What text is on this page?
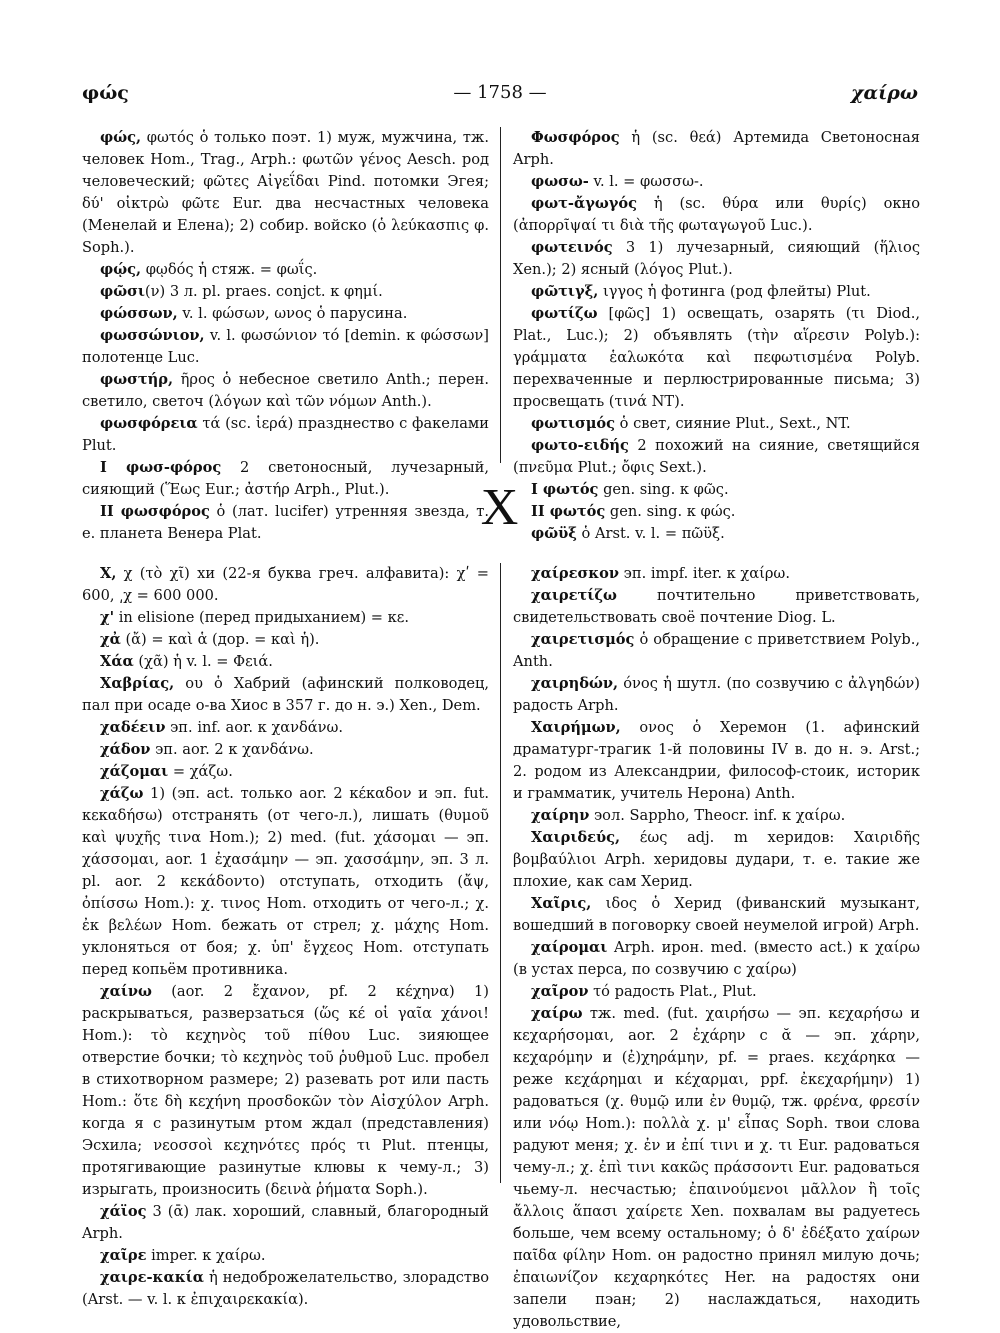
φώς	— 1758 —	χαίρω

φώς, φωτός ὁ только поэт. 1) муж, мужчина, тж. человек Hom., Trag., Arph.: φωτῶν γένος Aesch. род человеческий; φῶτες Αἰγεΐδαι Pind. потомки Эгея; δύ' οἰκτρὼ φῶτε Eur. два несчастных человека (Менелай и Елена); 2) собир. войско (ὁ λεύκασπις φ. Soph.).

φῴς, φῳδός ἡ стяж. = φωΐς.

φῶσι(ν) 3 л. pl. praes. conjct. к φημί.

φώσσων, v. l. φώσων, ωνος ὁ парусина.

φωσσώνιον, v. l. φωσώνιον τό [demin. к φώσσων] полотенце Luc.

φωστήρ, ῆρος ὁ небесное светило Anth.; перен. светило, светоч (λόγων καὶ τῶν νόμων Anth.).

φωσφόρεια τά (sc. ἱερά) празднество с факелами Plut.

I φωσ-φόρος 2 светоносный, лучезарный, сияющий (Ἕως Eur.; ἀστήρ Arph., Plut.).

II φωσφόρος ὁ (лат. lucifer) утренняя звезда, т. е. планета Венера Plat.

Φωσφόρος ἡ (sc. θεά) Артемида Светоносная Arph.

φωσω- v. l. = φωσσω-.

φωτ-ἄγωγός ἡ (sc. θύρα или θυρίς) окно (ἀπορρῖψαί τι διὰ τῆς φωταγωγοῦ Luc.).

φωτεινός 3 1) лучезарный, сияющий (ἥλιος Xen.); 2) ясный (λόγος Plut.).

φῶτιγξ, ιγγος ἡ фотинга (род флейты) Plut.

φωτίζω [φῶς] 1) освещать, озарять (τι Diod., Plat., Luc.); 2) объявлять (τὴν αἵρεσιν Polyb.): γράμματα ἑαλωκότα καὶ πεφωτισμένα Polyb. перехваченные и перлюстрированные письма; 3) просвещать (τινά NT).

φωτισμός ὁ свет, сияние Plut., Sext., NT.

φωτο-ειδής 2 похожий на сияние, светящийся (πνεῦμα Plut.; ὄφις Sext.).

I φωτός gen. sing. к φῶς.

II φωτός gen. sing. к φώς.

φῶϋξ ὁ Arst. v. l. = πῶϋξ.

X

Χ, χ (τὸ χῖ) хи (22-я буква греч. алфавита): χʹ = 600, ͵χ = 600 000.

χ' in elisione (перед придыханием) = κε.

χἀ (ἄ) = καὶ ἁ (дор. = καὶ ἡ).

Χάα (χᾶ) ἡ v. l. = Φειά.

Χαβρίας, ου ὁ Хабрий (афинский полководец, пал при осаде о-ва Хиос в 357 г. до н. э.) Xen., Dem.

χαδέειν эп. inf. aor. к χανδάνω.

χάδον эп. aor. 2 к χανδάνω.

χάζομαι = χάζω.

χάζω 1) (эп. act. только aor. 2 κέκαδον и эп. fut. κεκαδήσω) отстранять (от чего-л.), лишать (θυμοῦ καὶ ψυχῆς τινα Hom.); 2) med. (fut. χάσομαι — эп. χάσσομαι, aor. 1 ἐχασάμην — эп. χασσάμην, эп. 3 л. pl. aor. 2 κεκάδοντο) отступать, отходить (ἄψ, ὀπίσσω Hom.): χ. τινος Hom. отходить от чего-л.; χ. ἐκ βελέων Hom. бежать от стрел; χ. μάχης Hom. уклоняться от боя; χ. ὑπ' ἔγχεος Hom. отступать перед копьём противника.

χαίνω (aor. 2 ἔχανον, pf. 2 κέχηνα) 1) раскрываться, разверзаться (ὥς κέ οἱ γαῖα χάνοι! Hom.): τὸ κεχηνὸς τοῦ πίθου Luc. зияющее отверстие бочки; τὸ κεχηνὸς τοῦ ῥυθμοῦ Luc. пробел в стихотворном размере; 2) разевать рот или пасть Hom.: ὅτε δὴ κεχήνη προσδοκῶν τὸν Αἰσχύλον Arph. когда я с разинутым ртом ждал (представления) Эсхила; νεοσσοὶ κεχηνότες πρός τι Plut. птенцы, протягивающие разинутые клювы к чему-л.; 3) изрыгать, произносить (δεινὰ ῥήματα Soph.).

χάϊος 3 (ᾱ) лак. хороший, славный, благородный Arph.

χαῖρε imper. к χαίρω.

χαιρε-κακία ἡ недоброжелательство, злорадство (Arst. — v. l. к ἐπιχαιρεκακία).

χαίρεσκον эп. impf. iter. к χαίρω.

χαιρετίζω почтительно приветствовать, свидетельствовать своё почтение Diog. L.

χαιρετισμός ὁ обращение с приветствием Polyb., Anth.

χαιρηδών, όνος ἡ шутл. (по созвучию с ἀλγηδών) радость Arph.

Χαιρήμων, ονος ὁ Херемон (1. афинский драматург-трагик 1-й половины IV в. до н. э. Arst.; 2. родом из Александрии, философ-стоик, историк и грамматик, учитель Нерона) Anth.

χαίρην эол. Sappho, Theocr. inf. к χαίρω.

Χαιριδεύς, έως adj. m херидов: Χαιριδῆς βομβαύλιοι Arph. херидовы дудари, т. е. такие же плохие, как сам Херид.

Χαῖρις, ιδος ὁ Херид (фиванский музыкант, вошедший в поговорку своей неумелой игрой) Arph.

χαίρομαι Arph. ирон. med. (вместо act.) к χαίρω (в устах перса, по созвучию с χαίρω)

χαῖρον τό радость Plat., Plut.

χαίρω тж. med. (fut. χαιρήσω — эп. κεχαρήσω и κεχαρήσομαι, aor. 2 ἐχάρην с ᾰ — эп. χάρην, κεχαρόμην и (ἐ)χηράμην, pf. = praes. κεχάρηκα — реже κεχάρημαι и κέχαρμαι, ppf. ἐκεχαρήμην) 1) радоваться (χ. θυμῷ или ἐν θυμῷ, тж. φρένα, φρεσίν или νόῳ Hom.): πολλὰ χ. μ' εἶπας Soph. твои слова радуют меня; χ. ἐν и ἐπί τινι и χ. τι Eur. радоваться чему-л.; χ. ἐπὶ τινι κακῶς πράσσοντι Eur. радоваться чьему-л. несчастью; ἐπαινούμενοι μᾶλλον ἢ τοῖς ἄλλοις ἅπασι χαίρετε Xen. похвалам вы радуетесь больше, чем всему остальному; ὁ δ' ἐδέξατο χαίρων παῖδα φίλην Hom. он радостно принял милую дочь; ἐπαιωνίζον κεχαρηκότες Her. на радостях они запели пэан; 2) наслаждаться, находить удовольствие,
